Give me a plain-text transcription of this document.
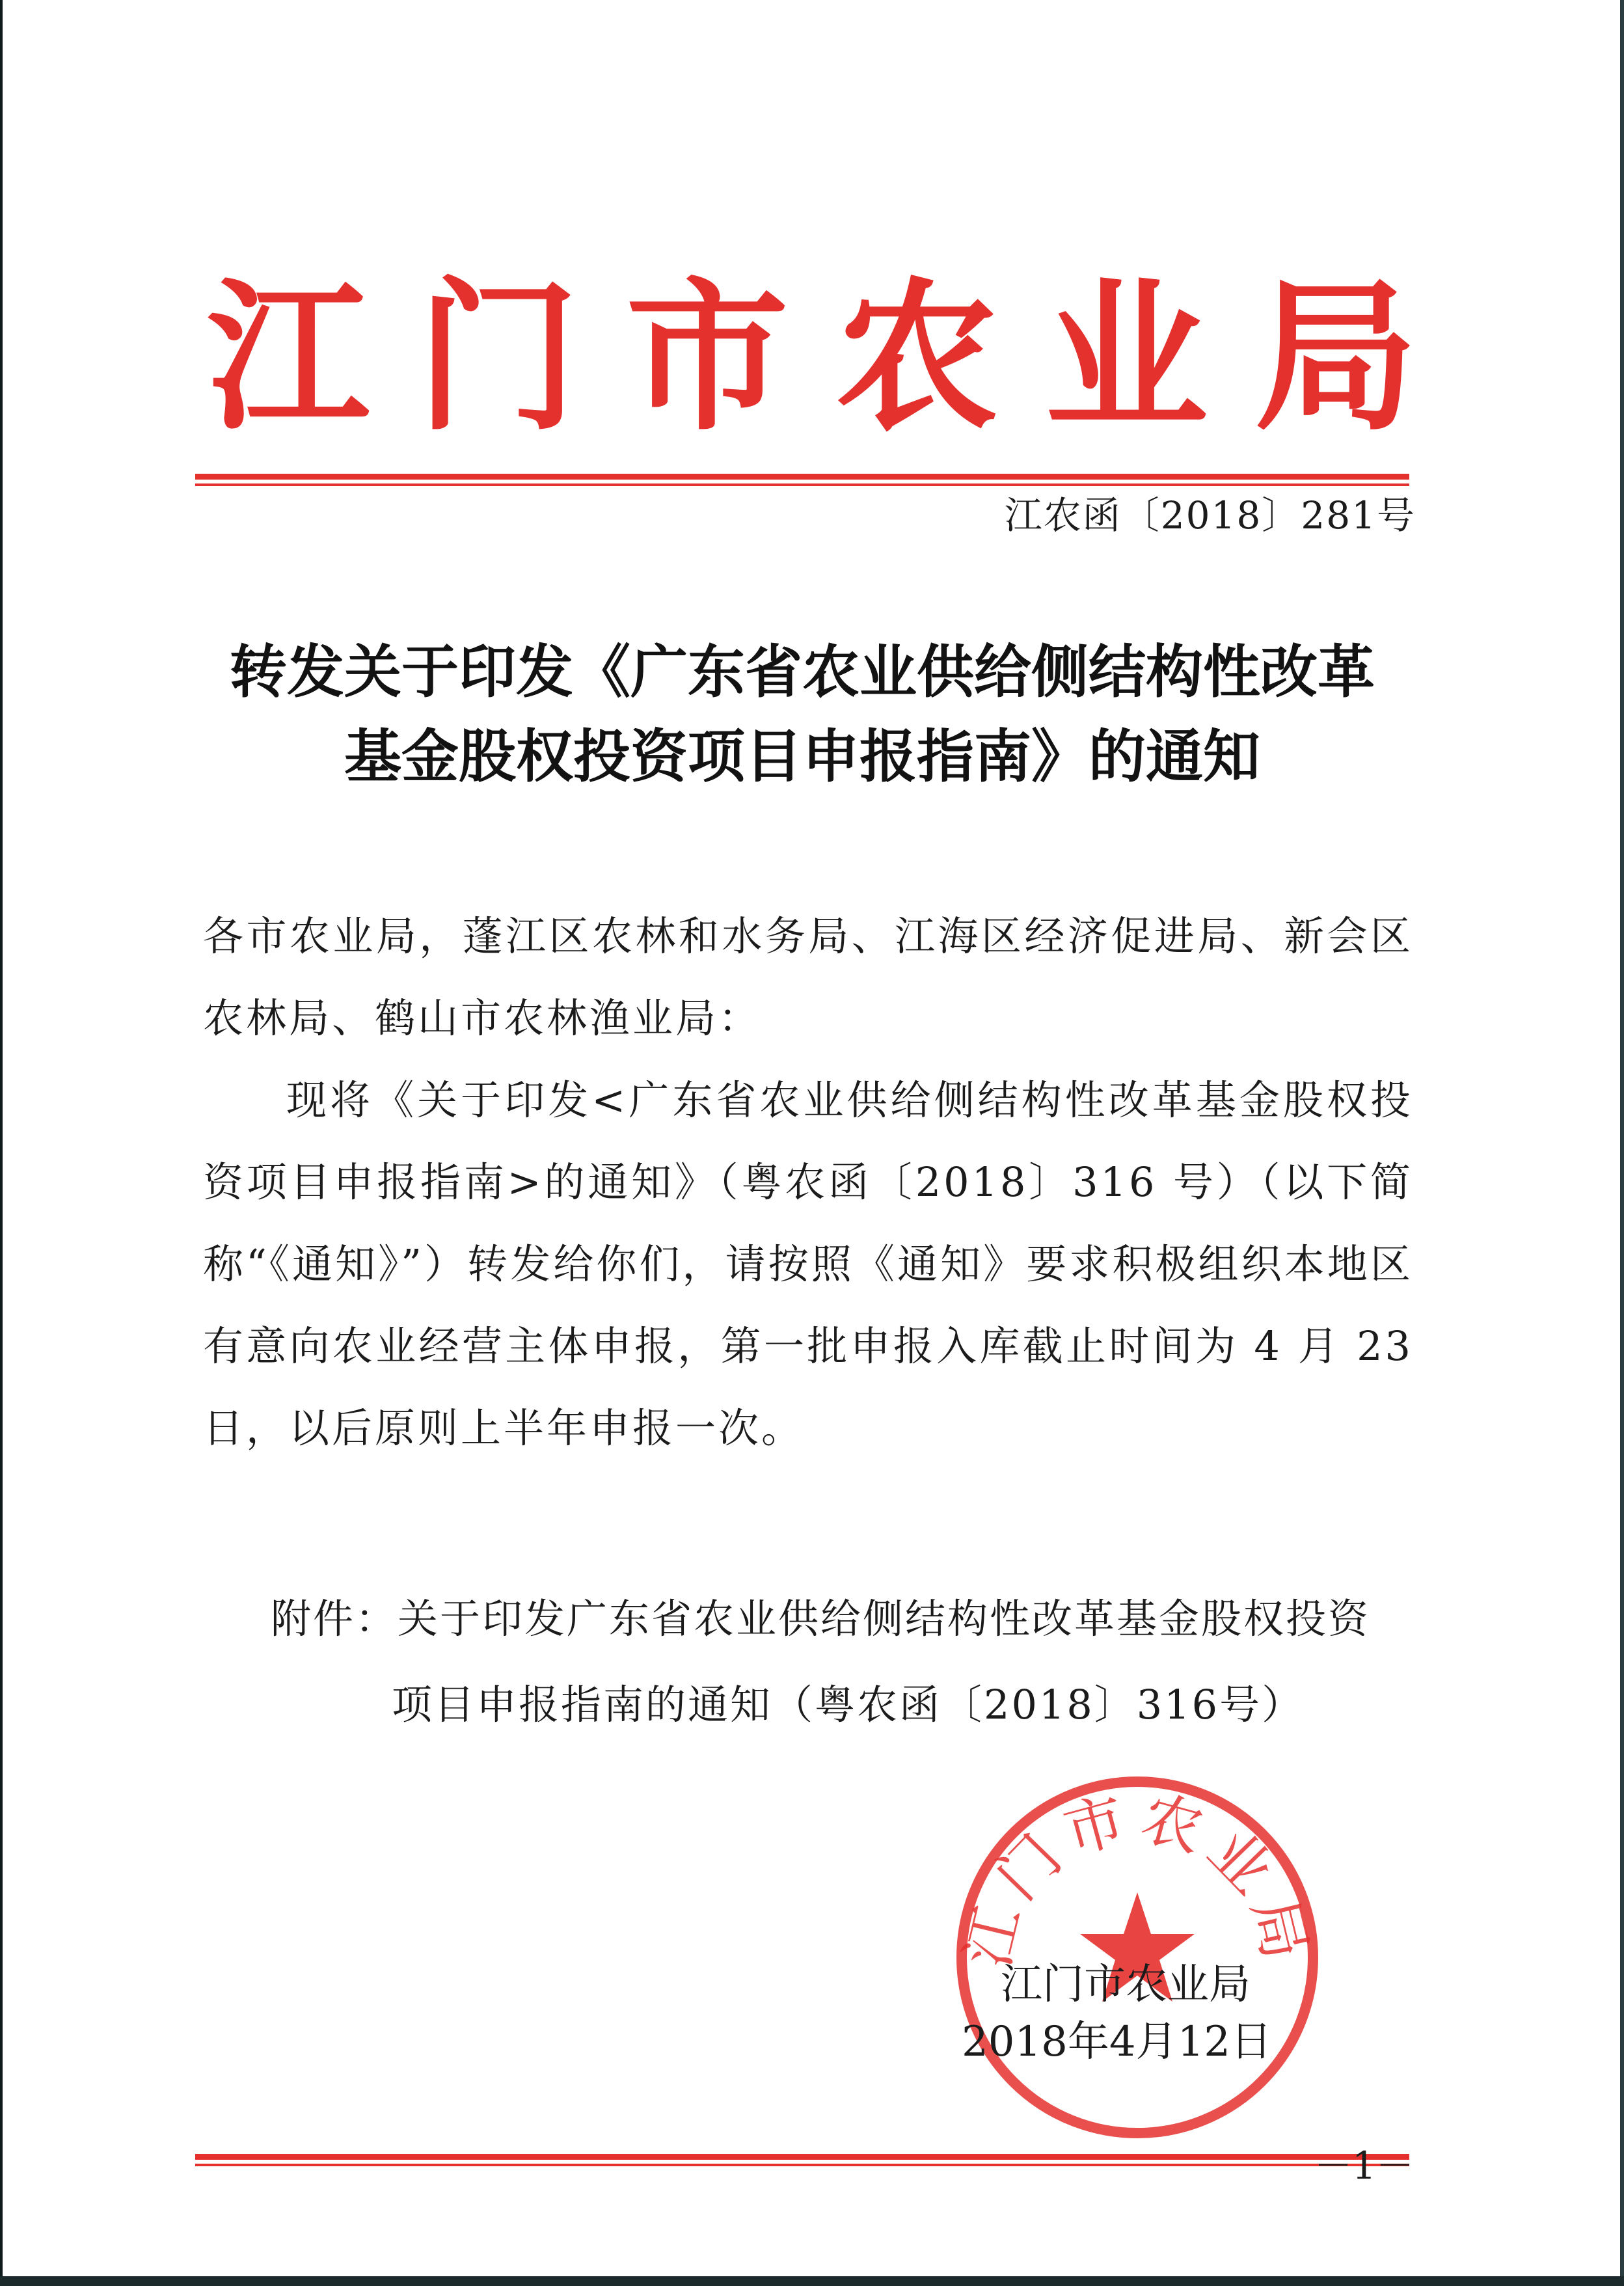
江门市农业局
江农函〔2018〕281号
转发关于印发《广东省农业供给侧结构性改革
基金股权投资项目申报指南》的通知
各市农业局，蓬江区农林和水务局、江海区经济促进局、新会区农林局、鹤山市农林渔业局：
现将《关于印发<广东省农业供给侧结构性改革基金股权投资项目申报指南>的通知》（粤农函〔2018〕316 号）（以下简称“《通知》”）转发给你们，请按照《通知》要求积极组织本地区有意向农业经营主体申报，第一批申报入库截止时间为 4 月 23 日，以后原则上半年申报一次。
附件：关于印发广东省农业供给侧结构性改革基金股权投资
项目申报指南的通知（粤农函〔2018〕316号）
江门市农业局
江门市农业局
2018年4月12日
－1－
